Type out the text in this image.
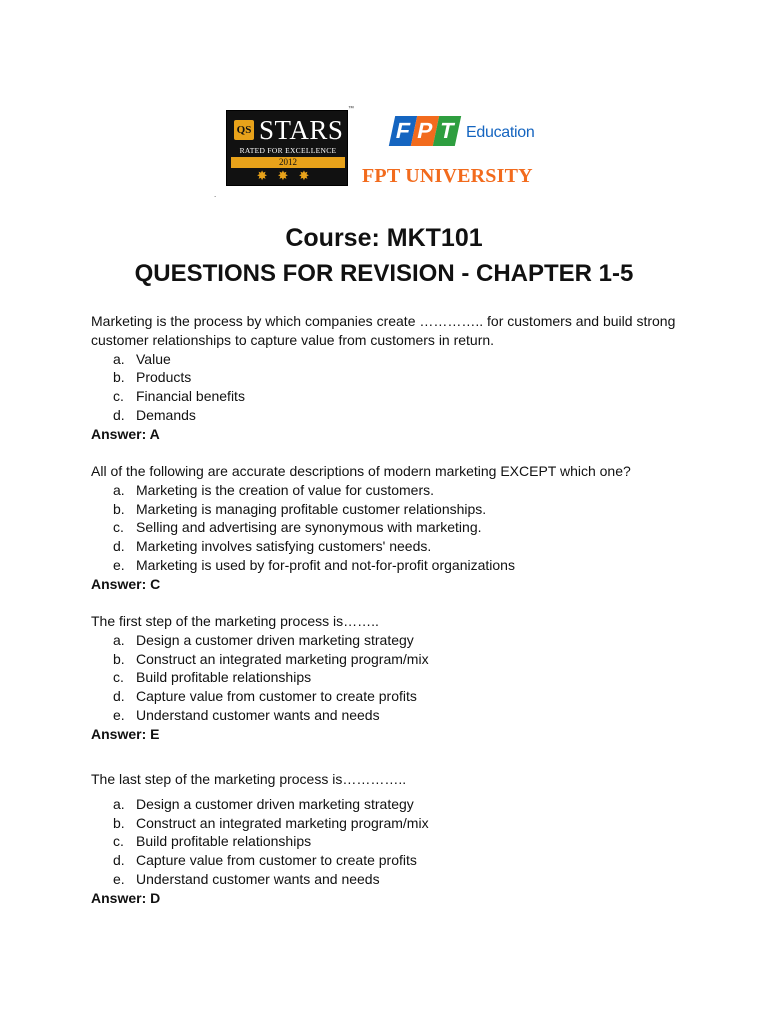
QS STARS
RATED FOR EXCELLENCE
2012
✸✸✸
™
F P T Education
FPT UNIVERSITY
.
Course: MKT101
QUESTIONS FOR REVISION - CHAPTER 1-5

Marketing is the process by which companies create ………….. for customers and build strong customer relationships to capture value from customers in return.

a. Value
b. Products
c. Financial benefits
d. Demands

Answer: A

All of the following are accurate descriptions of modern marketing EXCEPT which one?

a. Marketing is the creation of value for customers.
b. Marketing is managing profitable customer relationships.
c. Selling and advertising are synonymous with marketing.
d. Marketing involves satisfying customers' needs.
e. Marketing is used by for-profit and not-for-profit organizations

Answer: C

The first step of the marketing process is……..

a. Design a customer driven marketing strategy
b. Construct an integrated marketing program/mix
c. Build profitable relationships
d. Capture value from customer to create profits
e. Understand customer wants and needs

Answer: E

The last step of the marketing process is…………..

a. Design a customer driven marketing strategy
b. Construct an integrated marketing program/mix
c. Build profitable relationships
d. Capture value from customer to create profits
e. Understand customer wants and needs

Answer: D
